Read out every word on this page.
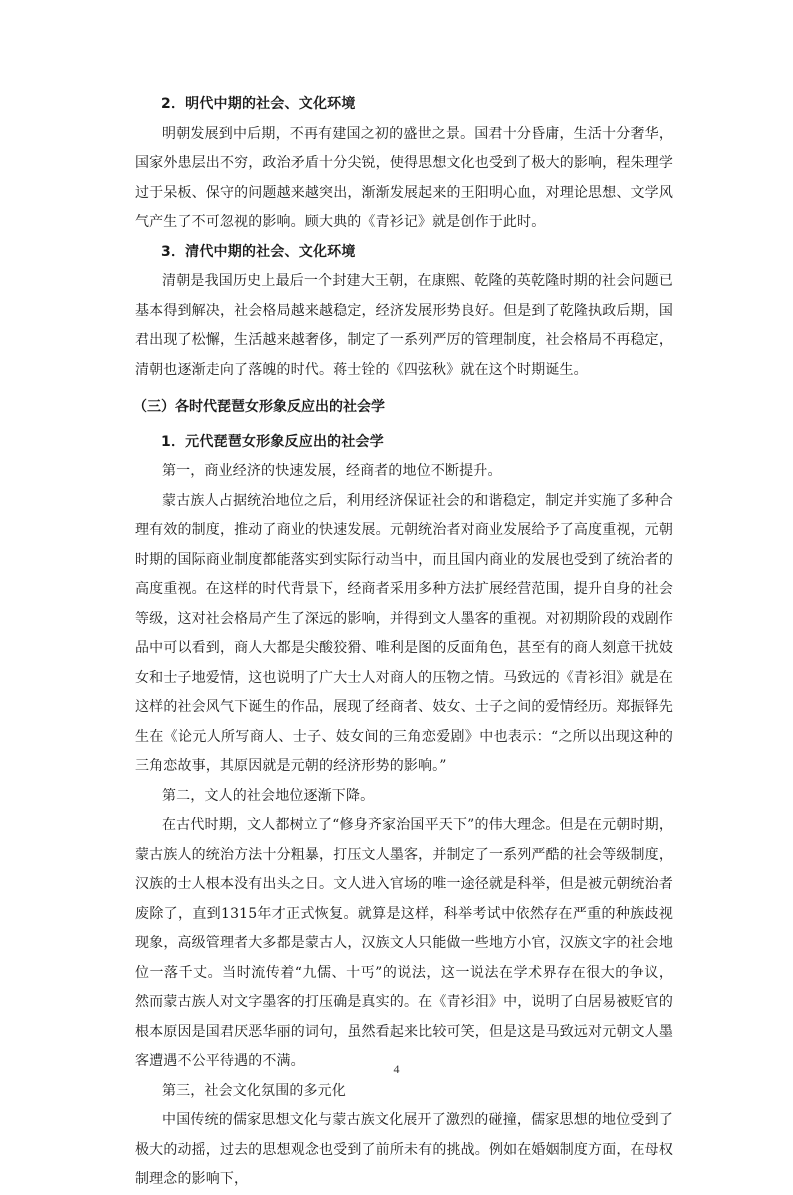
2．明代中期的社会、文化环境
明朝发展到中后期，不再有建国之初的盛世之景。国君十分昏庸，生活十分奢华，国家外患层出不穷，政治矛盾十分尖锐，使得思想文化也受到了极大的影响，程朱理学过于呆板、保守的问题越来越突出，渐渐发展起来的王阳明心血，对理论思想、文学风气产生了不可忽视的影响。顾大典的《青衫记》就是创作于此时。
3．清代中期的社会、文化环境
清朝是我国历史上最后一个封建大王朝，在康熙、乾隆的英乾隆时期的社会问题已基本得到解决，社会格局越来越稳定，经济发展形势良好。但是到了乾隆执政后期，国君出现了松懈，生活越来越奢侈，制定了一系列严厉的管理制度，社会格局不再稳定，清朝也逐渐走向了落魄的时代。蒋士铨的《四弦秋》就在这个时期诞生。
（三）各时代琵琶女形象反应出的社会学
1．元代琵琶女形象反应出的社会学
第一，商业经济的快速发展，经商者的地位不断提升。
蒙古族人占据统治地位之后，利用经济保证社会的和谐稳定，制定并实施了多种合理有效的制度，推动了商业的快速发展。元朝统治者对商业发展给予了高度重视，元朝时期的国际商业制度都能落实到实际行动当中，而且国内商业的发展也受到了统治者的高度重视。在这样的时代背景下，经商者采用多种方法扩展经营范围，提升自身的社会等级，这对社会格局产生了深远的影响，并得到文人墨客的重视。对初期阶段的戏剧作品中可以看到，商人大都是尖酸狡猾、唯利是图的反面角色，甚至有的商人刻意干扰妓女和士子地爱情，这也说明了广大士人对商人的压物之情。马致远的《青衫泪》就是在这样的社会风气下诞生的作品，展现了经商者、妓女、士子之间的爱情经历。郑振铎先生在《论元人所写商人、士子、妓女间的三角恋爱剧》中也表示：“之所以出现这种的三角恋故事，其原因就是元朝的经济形势的影响。”
第二，文人的社会地位逐渐下降。
在古代时期，文人都树立了“修身齐家治国平天下”的伟大理念。但是在元朝时期，蒙古族人的统治方法十分粗暴，打压文人墨客，并制定了一系列严酷的社会等级制度，汉族的士人根本没有出头之日。文人进入官场的唯一途径就是科举，但是被元朝统治者废除了，直到1315年才正式恢复。就算是这样，科举考试中依然存在严重的种族歧视现象，高级管理者大多都是蒙古人，汉族文人只能做一些地方小官，汉族文字的社会地位一落千丈。当时流传着“九儒、十丐”的说法，这一说法在学术界存在很大的争议，然而蒙古族人对文字墨客的打压确是真实的。在《青衫泪》中，说明了白居易被贬官的根本原因是国君厌恶华丽的词句，虽然看起来比较可笑，但是这是马致远对元朝文人墨客遭遇不公平待遇的不满。
第三，社会文化氛围的多元化
中国传统的儒家思想文化与蒙古族文化展开了激烈的碰撞，儒家思想的地位受到了极大的动摇，过去的思想观念也受到了前所未有的挑战。例如在婚姻制度方面，在母权制理念的影响下，
4
